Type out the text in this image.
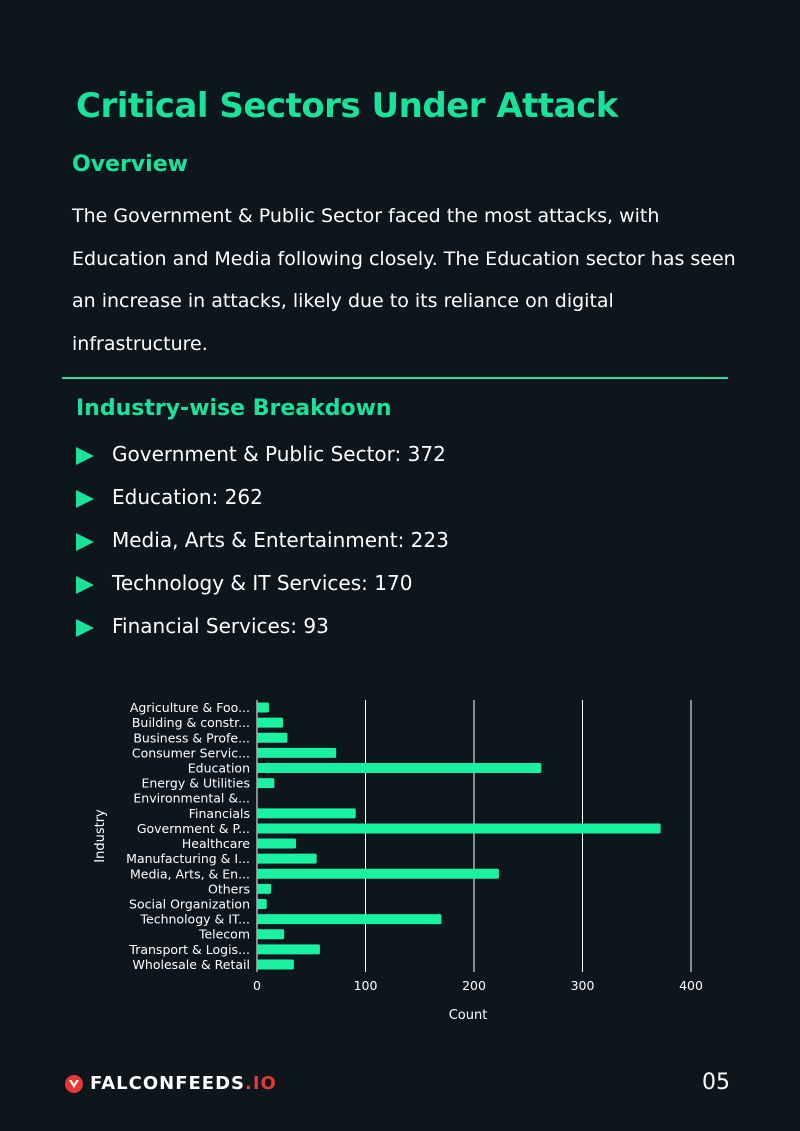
Critical Sectors Under Attack
Overview

The Government & Public Sector faced the most attacks, with Education and Media following closely. The Education sector has seen an increase in attacks, likely due to its reliance on digital infrastructure.

Industry-wise Breakdown
Government & Public Sector: 372
Education: 262
Media, Arts & Entertainment: 223
Technology & IT Services: 170
Financial Services: 93
0	100	200	300	400
Agriculture & Foo...
Building & constr...
Business & Profe...
Consumer Servic...
Education
Energy & Utilities
Environmental &...
Financials
Government & P...
Healthcare
Manufacturing & I...
Media, Arts, & En...
Others
Social Organization
Technology & IT...
Telecom
Transport & Logis...
Wholesale & Retail
Count
Industry
FALCONFEEDS.IO	05
